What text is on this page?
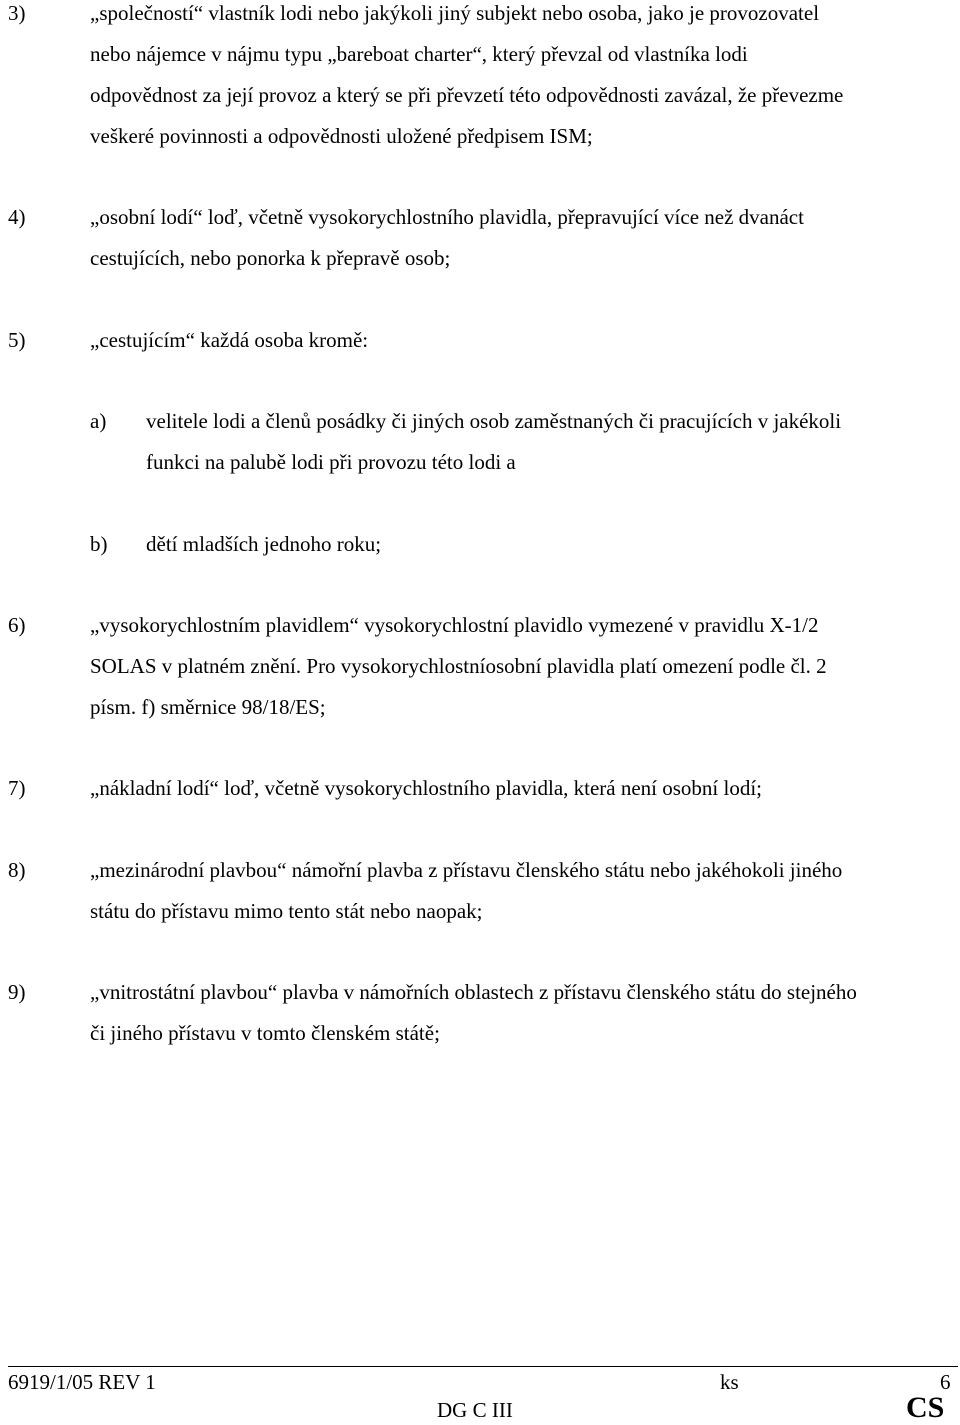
3)	„společností“ vlastník lodi nebo jakýkoli jiný subjekt nebo osoba, jako je provozovatel
nebo nájemce v nájmu typu „bareboat charter“, který převzal od vlastníka lodi
odpovědnost za její provoz a který se při převzetí této odpovědnosti zavázal, že převezme
veškeré povinnosti a odpovědnosti uložené předpisem ISM;
4)	„osobní lodí“ loď, včetně vysokorychlostního plavidla, přepravující více než dvanáct
cestujících, nebo ponorka k přepravě osob;
5)	„cestujícím“ každá osoba kromě:
a) velitele lodi a členů posádky či jiných osob zaměstnaných či pracujících v jakékoli
funkci na palubě lodi při provozu této lodi a
b) dětí mladších jednoho roku;
6)	„vysokorychlostním plavidlem“ vysokorychlostní plavidlo vymezené v pravidlu X-1/2
SOLAS v platném znění. Pro vysokorychlostníosobní plavidla platí omezení podle čl. 2
písm. f) směrnice 98/18/ES;
7)	„nákladní lodí“ loď, včetně vysokorychlostního plavidla, která není osobní lodí;
8)	„mezinárodní plavbou“ námořní plavba z přístavu členského státu nebo jakéhokoli jiného
státu do přístavu mimo tento stát nebo naopak;
9)	„vnitrostátní plavbou“ plavba v námořních oblastech z přístavu členského státu do stejného
či jiného přístavu v tomto členském státě;
6919/1/05 REV 1	ks	6
DG C III	CS
